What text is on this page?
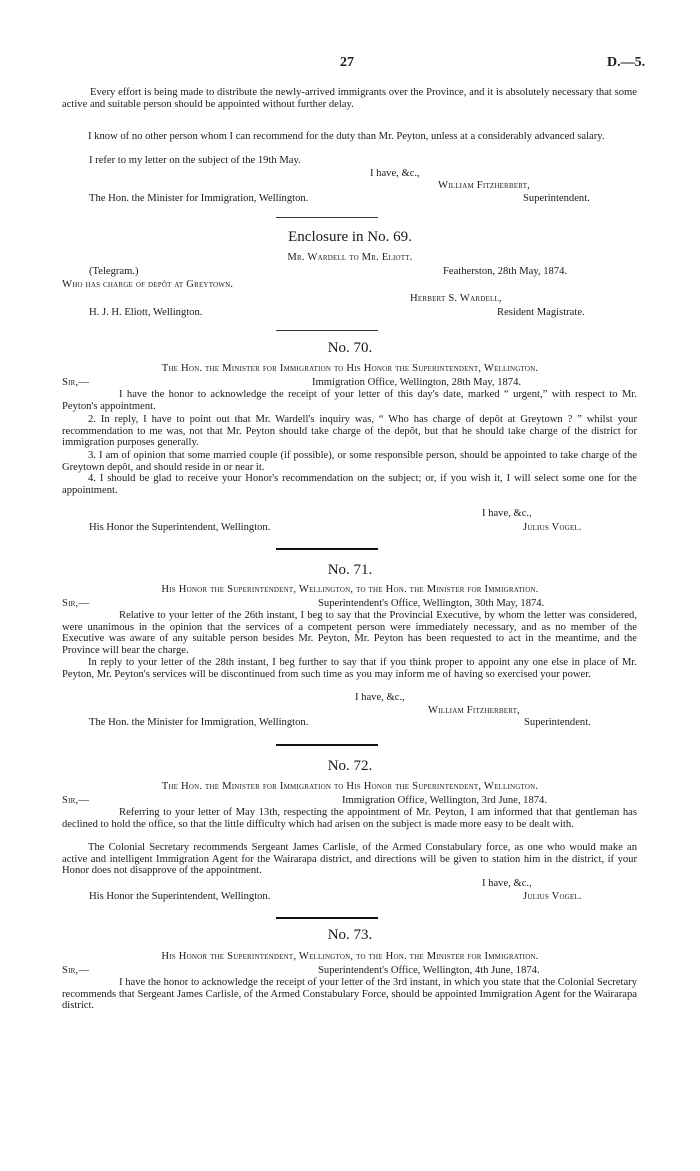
27	D.—5.
Every effort is being made to distribute the newly-arrived immigrants over the Province, and it is absolutely necessary that some active and suitable person should be appointed without further delay.
I know of no other person whom I can recommend for the duty than Mr. Peyton, unless at a considerably advanced salary.
I refer to my letter on the subject of the 19th May.
I have, &c.,
William Fitzherbert,
Superintendent.
The Hon. the Minister for Immigration, Wellington.
Enclosure in No. 69.
Mr. Wardell to Mr. Eliott.
(Telegram.)	Featherston, 28th May, 1874.
Who has charge of depôt at Greytown.
Herbert S. Wardell,
H. J. H. Eliott, Wellington.	Resident Magistrate.
No. 70.
The Hon. the Minister for Immigration to His Honor the Superintendent, Wellington.
Sir,—	Immigration Office, Wellington, 28th May, 1874.
I have the honor to acknowledge the receipt of your letter of this day's date, marked “ urgent,” with respect to Mr. Peyton's appointment.
2. In reply, I have to point out that Mr. Wardell's inquiry was, “ Who has charge of depôt at Greytown ? ” whilst your recommendation to me was, not that Mr. Peyton should take charge of the depôt, but that he should take charge of the district for immigration purposes generally.
3. I am of opinion that some married couple (if possible), or some responsible person, should be appointed to take charge of the Greytown depôt, and should reside in or near it.
4. I should be glad to receive your Honor's recommendation on the subject; or, if you wish it, I will select some one for the appointment.
I have, &c.,
His Honor the Superintendent, Wellington.	Julius Vogel.
No. 71.
His Honor the Superintendent, Wellington, to the Hon. the Minister for Immigration.
Sir,—	Superintendent's Office, Wellington, 30th May, 1874.
Relative to your letter of the 26th instant, I beg to say that the Provincial Executive, by whom the letter was considered, were unanimous in the opinion that the services of a competent person were immediately necessary, and as no member of the Executive was aware of any suitable person besides Mr. Peyton, Mr. Peyton has been requested to act in the meantime, and the Province will bear the charge.
In reply to your letter of the 28th instant, I beg further to say that if you think proper to appoint any one else in place of Mr. Peyton, Mr. Peyton's services will be discontinued from such time as you may inform me of having so exercised your power.
I have, &c.,
William Fitzherbert,
The Hon. the Minister for Immigration, Wellington.	Superintendent.
No. 72.
The Hon. the Minister for Immigration to His Honor the Superintendent, Wellington.
Sir,—	Immigration Office, Wellington, 3rd June, 1874.
Referring to your letter of May 13th, respecting the appointment of Mr. Peyton, I am informed that that gentleman has declined to hold the office, so that the little difficulty which had arisen on the subject is made more easy to be dealt with.
The Colonial Secretary recommends Sergeant James Carlisle, of the Armed Constabulary force, as one who would make an active and intelligent Immigration Agent for the Wairarapa district, and directions will be given to station him in the district, if your Honor does not disapprove of the appointment.
I have, &c.,
His Honor the Superintendent, Wellington.	Julius Vogel.
No. 73.
His Honor the Superintendent, Wellington, to the Hon. the Minister for Immigration.
Sir,—	Superintendent's Office, Wellington, 4th June, 1874.
I have the honor to acknowledge the receipt of your letter of the 3rd instant, in which you state that the Colonial Secretary recommends that Sergeant James Carlisle, of the Armed Constabulary Force, should be appointed Immigration Agent for the Wairarapa district.
